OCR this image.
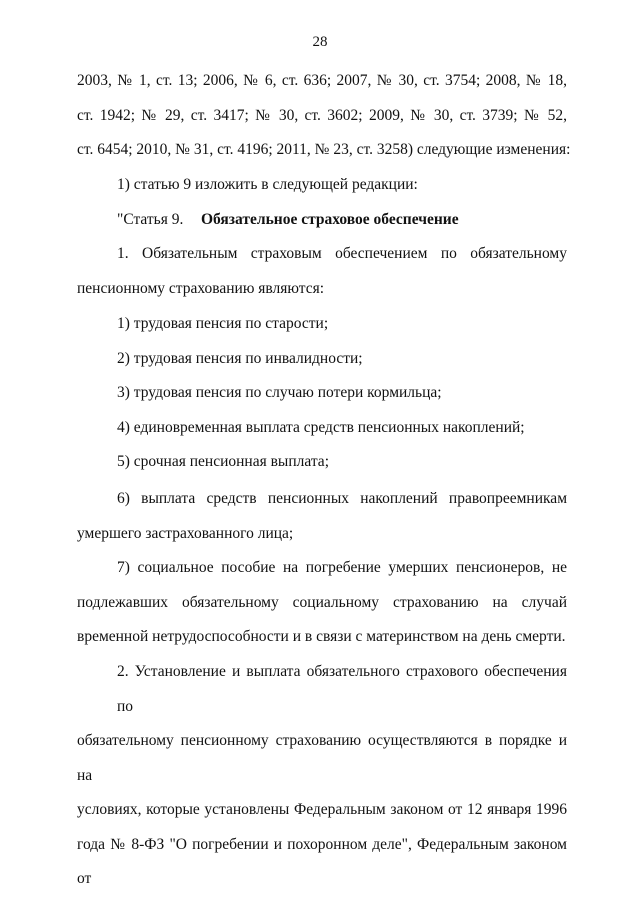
28
2003, № 1, ст. 13; 2006, № 6, ст. 636; 2007, № 30, ст. 3754; 2008, № 18,
ст. 1942; № 29, ст. 3417; № 30, ст. 3602; 2009, № 30, ст. 3739; № 52,
ст. 6454; 2010, № 31, ст. 4196; 2011, № 23, ст. 3258) следующие изменения:
1) статью 9 изложить в следующей редакции:
"Статья 9. Обязательное страховое обеспечение
1. Обязательным страховым обеспечением по обязательному
пенсионному страхованию являются:
1) трудовая пенсия по старости;
2) трудовая пенсия по инвалидности;
3) трудовая пенсия по случаю потери кормильца;
4) единовременная выплата средств пенсионных накоплений;
5) срочная пенсионная выплата;
6) выплата средств пенсионных накоплений правопреемникам
умершего застрахованного лица;
7) социальное пособие на погребение умерших пенсионеров, не
подлежавших обязательному социальному страхованию на случай
временной нетрудоспособности и в связи с материнством на день смерти.
2. Установление и выплата обязательного страхового обеспечения по
обязательному пенсионному страхованию осуществляются в порядке и на
условиях, которые установлены Федеральным законом от 12 января 1996
года № 8-ФЗ "О погребении и похоронном деле", Федеральным законом от
